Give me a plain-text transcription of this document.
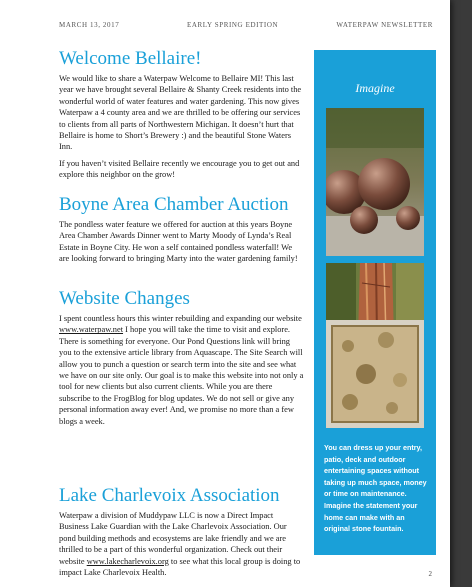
MARCH 13, 2017	EARLY SPRING EDITION	WATERPAW NEWSLETTER
Welcome Bellaire!

We would like to share a Waterpaw Welcome to Bellaire MI! This last year we have brought several Bellaire & Shanty Creek residents into the wonderful world of water features and water gardening. This now gives Waterpaw a 4 county area and we are thrilled to be offering our services to clients from all parts of Northwestern Michigan. It doesn’t hurt that Bellaire is home to Short’s Brewery :) and the beautiful Stone Waters Inn.

If you haven’t visited Bellaire recently we encourage you to get out and explore this neighbor on the grow!

Boyne Area Chamber Auction

The pondless water feature we offered for auction at this years Boyne Area Chamber Awards Dinner went to Marty Moody of Lynda’s Real Estate in Boyne City. He won a self contained pondless waterfall! We are looking forward to bringing Marty into the water gardening family!

Website Changes

I spent countless hours this winter rebuilding and expanding our website www.waterpaw.net I hope you will take the time to visit and explore. There is something for everyone. Our Pond Questions link will bring you to the extensive article library from Aquascape. The Site Search will allow you to punch a question or search term into the site and see what we have on our site only. Our goal is to make this website into not only a tool for new clients but also current clients. While you are there subscribe to the FrogBlog for blog updates. We do not sell or give any personal information away ever! And, we promise no more than a few blogs a week.

Lake Charlevoix Association

Waterpaw a division of Muddypaw LLC is now a Direct Impact Business Lake Guardian with the Lake Charlevoix Association. Our pond building methods and ecosystems are lake friendly and we are thrilled to be a part of this wonderful organization. Check out their website www.lakecharlevoix.org to see what this local group is doing to impact Lake Charlevoix Health.

Imagine
You can dress up your entry, patio, deck and outdoor entertaining spaces without taking up much space, money or time on maintenance. Imagine the statement your home can make with an original stone fountain.
2
